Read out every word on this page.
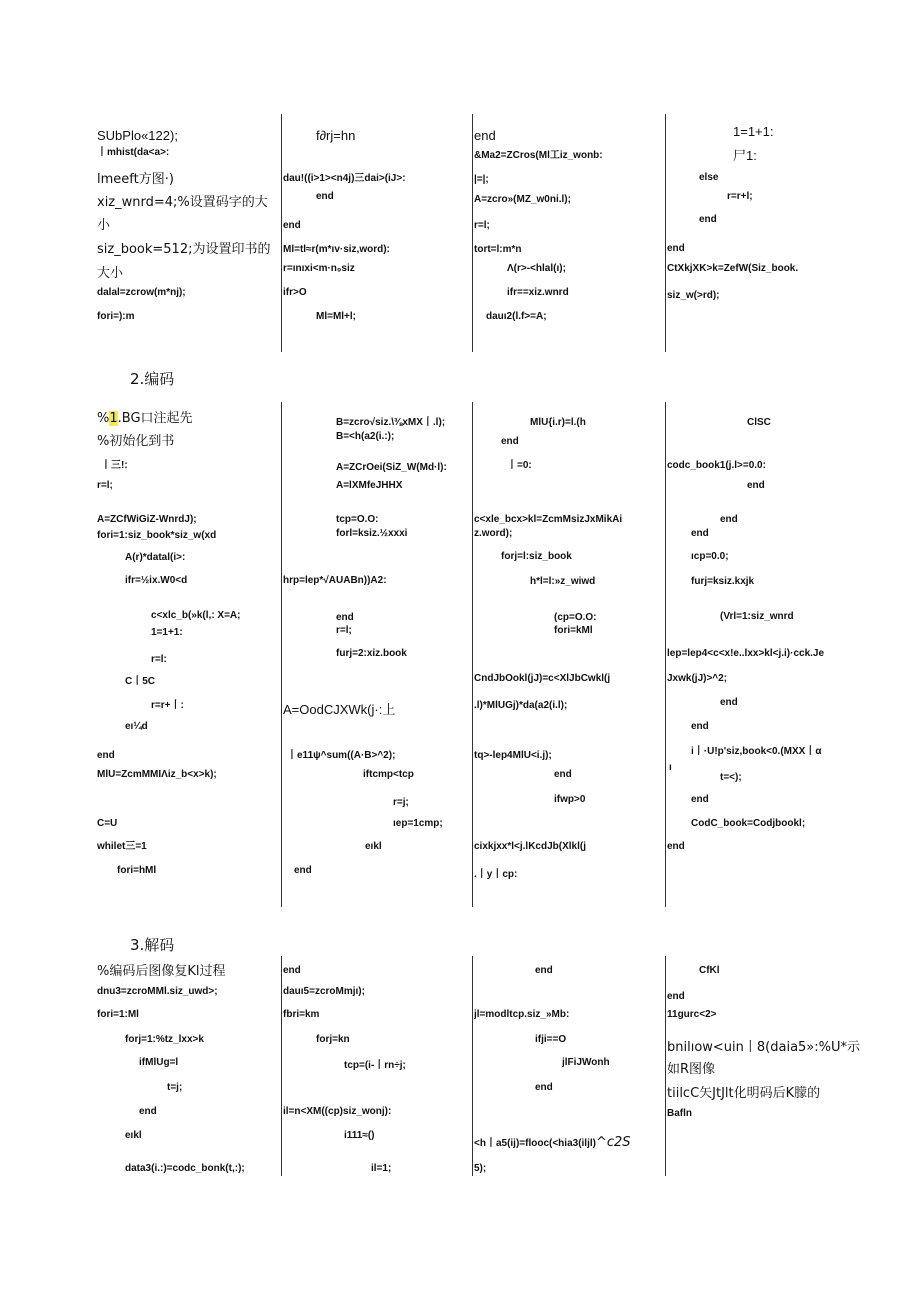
SUbPlo«122);
丨mhist(da<a>:
lmeeft方图·)
xiz_wnrd=4;%设置码字的大
小
siz_book=512;为设置印书的
大小
dalal=zcrow(m*nj);
fori=):m
f∂rj=hn
dau!((i>1><n4j)三dai>(iJ>:
end
end
Ml=tl≈r(m*ıv·siz,word):
r=ınıxi<m·n₉siz
ifr>O
Ml=Ml+l;
end
&Ma2=ZCros(Ml工iz_wonb:
|=|;
A=zcro»(MZ_w0ni.l);
r=l;
tort=l:m*n
Λ(r>-<hlal(ı);
ifr==xiz.wnrd
dauı2(l.f>=A;
1=1+1:
尸1:
else
r=r+l;
end
end
CtXkjXK>k=ZefW(Siz_book.
siz_w(>rd);
2.编码
%1.BG口注起先
%初始化到书
丨三!:
r=l;
A=ZCfWiGiZ-WnrdJ);
fori=1:siz_book*siz_w(xd
A(r)*datal(i>:
ifr=½ix.W0<d
c<xlc_b(»k(l,: X=A;
1=1+1:
r=l:
C丨5C
r=r+丨:
eı¼d
end
MlU=ZcmMMIΛiz_b<x>k);
C=U
whilet三=1
fori=hMl
B=zcro√siz.\⅜xMX丨.l);
B=<h(a2(i.:);
A=ZCrOei(SiZ_W(Md·l):
A=lXMfeJHHX
tcp=O.O:
forl=ksiz.½xxxi
hrp=lep*√AUABn))A2:
end
r=l;
furj=2:xiz.book
A=OodCJXWk(j·:上
丨e11ψ^sum((A·B>^2);
iftcmp<tcp
r=j;
ıep=1cmp;
eıkl
end
MlU{i.r)=l.(h
end
丨=0:
c<xle_bcx>kl=ZcmMsizJxMikAi
z.word);
forj=l:siz_book
h*l=l:»z_wiwd
(cp=O.O:
fori=kMl
CndJbOokl(jJ)=c<XlJbCwkl(j
.l)*MlUGj)*da(a2(i.l);
tq>-lep4MlU<i.j);
end
ifwp>0
cixkjxx*l<j.lKcdJb(Xlkl(j
.丨y丨cp:
ClSC
codc_book1(j.l>=0.0:
end
end
end
ıcp=0.0;
furj=ksiz.kxjk
(Vrl=1:siz_wnrd
lep=lep4<c<x!e..lxx>kl<j.i)·cck.Je
Jxwk(jJ)>^2;
end
end
i丨·U!p'siz,book<0.(MXX丨α
ı
t=<);
end
CodC_book=Codjbookl;
end
3.解码
%编码后图像复Kl过程
dnu3=zcroMMl.siz_uwd>;
fori=1:Ml
forj=1:%tz_lxx>k
ifMlUg=l
t=j;
end
eıkl
data3(i.:)=codc_bonk(t,:);
end
dauı5=zcroMmjı);
fbri=km
forj=kn
tcp=(i-丨rn÷j;
il=n<XM((cp)siz_wonj):
i111≈()
il=1;
end
jl=modltcp.siz_»Mb:
ifji==O
jlFiJWonh
end
<h丨a5(ij)=flooc(<hia3(iljl)^c2S
5);
CfKl
end
11gurc<2>
bnilıow<uin丨8(daia5»:%U*示
如R图像
tiilcC矢JtJlt化明码后K朦的
Bafln
